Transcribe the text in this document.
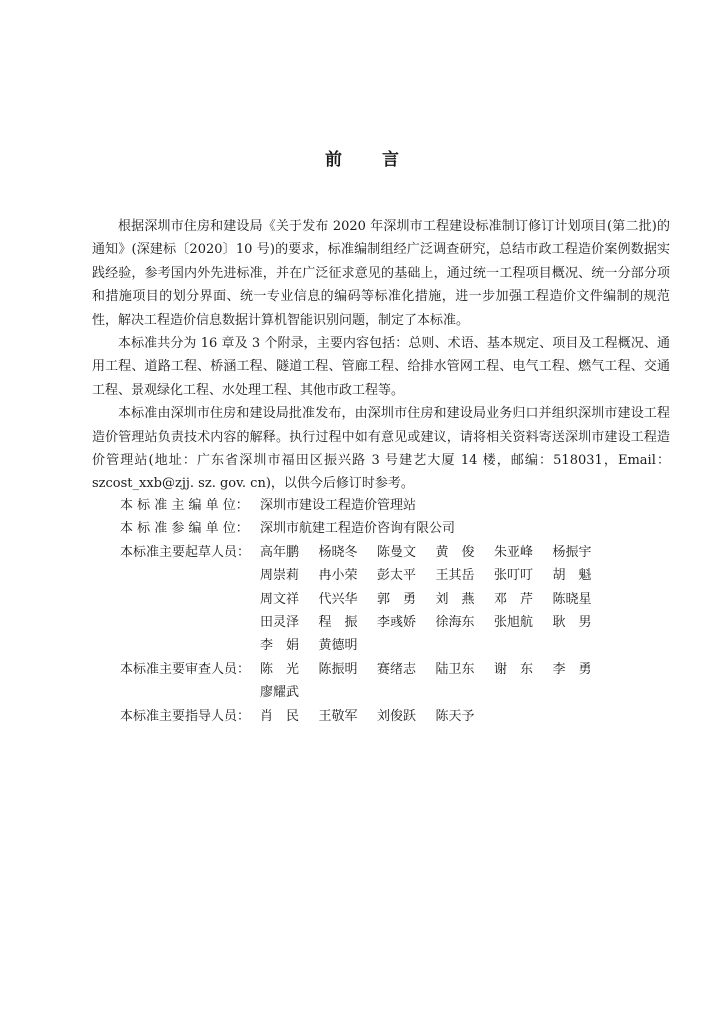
前 言

根据深圳市住房和建设局《关于发布 2020 年深圳市工程建设标准制订修订计划项目(第二批)的通知》(深建标〔2020〕10 号)的要求，标准编制组经广泛调查研究，总结市政工程造价案例数据实践经验，参考国内外先进标准，并在广泛征求意见的基础上，通过统一工程项目概况、统一分部分项和措施项目的划分界面、统一专业信息的编码等标准化措施，进一步加强工程造价文件编制的规范性，解决工程造价信息数据计算机智能识别问题，制定了本标准。

本标准共分为 16 章及 3 个附录，主要内容包括：总则、术语、基本规定、项目及工程概况、通用工程、道路工程、桥涵工程、隧道工程、管廊工程、给排水管网工程、电气工程、燃气工程、交通工程、景观绿化工程、水处理工程、其他市政工程等。

本标准由深圳市住房和建设局批准发布，由深圳市住房和建设局业务归口并组织深圳市建设工程造价管理站负责技术内容的解释。执行过程中如有意见或建议，请将相关资料寄送深圳市建设工程造价管理站(地址：广东省深圳市福田区振兴路 3 号建艺大厦 14 楼，邮编：518031，Email：szcost_xxb@zjj. sz. gov. cn)，以供今后修订时参考。

本 标 准 主 编 单 位： 深圳市建设工程造价管理站
本 标 准 参 编 单 位： 深圳市航建工程造价咨询有限公司
本标准主要起草人员： 高年鹏	杨晓冬	陈曼文	黄　俊	朱亚峰	杨振宇
周崇莉	冉小荣	彭太平	王其岳	张叮叮	胡　魁
周文祥	代兴华	郭　勇	刘　燕	邓　芹	陈晓星
田灵泽	程　振	李彧娇	徐海东	张旭航	耿　男
李　娟	黄德明
本标准主要审查人员： 陈　光	陈振明	赛绪志	陆卫东	谢　东	李　勇
廖耀武
本标准主要指导人员： 肖　民	王敬军	刘俊跃	陈天予
